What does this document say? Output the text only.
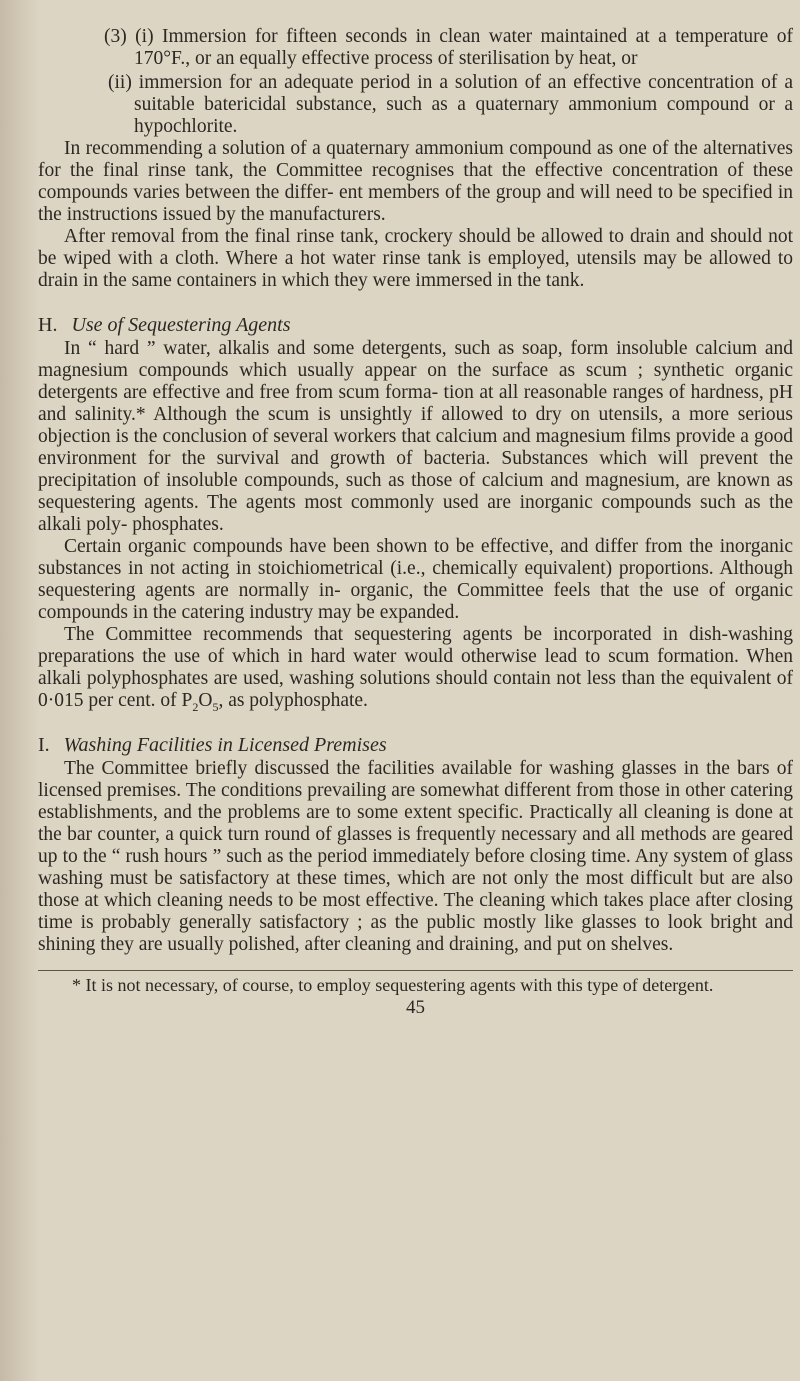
(3) (i) Immersion for fifteen seconds in clean water maintained at a temperature of 170°F., or an equally effective process of sterilisation by heat, or

(ii) immersion for an adequate period in a solution of an effective concentration of a suitable batericidal substance, such as a quaternary ammonium compound or a hypochlorite.

In recommending a solution of a quaternary ammonium compound as one of the alternatives for the final rinse tank, the Committee recognises that the effective concentration of these compounds varies between the differ- ent members of the group and will need to be specified in the instructions issued by the manufacturers.

After removal from the final rinse tank, crockery should be allowed to drain and should not be wiped with a cloth. Where a hot water rinse tank is employed, utensils may be allowed to drain in the same containers in which they were immersed in the tank.

H. Use of Sequestering Agents

In “ hard ” water, alkalis and some detergents, such as soap, form insoluble calcium and magnesium compounds which usually appear on the surface as scum ; synthetic organic detergents are effective and free from scum forma- tion at all reasonable ranges of hardness, pH and salinity.* Although the scum is unsightly if allowed to dry on utensils, a more serious objection is the conclusion of several workers that calcium and magnesium films provide a good environment for the survival and growth of bacteria. Substances which will prevent the precipitation of insoluble compounds, such as those of calcium and magnesium, are known as sequestering agents. The agents most commonly used are inorganic compounds such as the alkali poly- phosphates.

Certain organic compounds have been shown to be effective, and differ from the inorganic substances in not acting in stoichiometrical (i.e., chemically equivalent) proportions. Although sequestering agents are normally in- organic, the Committee feels that the use of organic compounds in the catering industry may be expanded.

The Committee recommends that sequestering agents be incorporated in dish-washing preparations the use of which in hard water would otherwise lead to scum formation. When alkali polyphosphates are used, washing solutions should contain not less than the equivalent of 0·015 per cent. of $P_2O_5$, as polyphosphate.

I. Washing Facilities in Licensed Premises

The Committee briefly discussed the facilities available for washing glasses in the bars of licensed premises. The conditions prevailing are somewhat different from those in other catering establishments, and the problems are to some extent specific. Practically all cleaning is done at the bar counter, a quick turn round of glasses is frequently necessary and all methods are geared up to the “ rush hours ” such as the period immediately before closing time. Any system of glass washing must be satisfactory at these times, which are not only the most difficult but are also those at which cleaning needs to be most effective. The cleaning which takes place after closing time is probably generally satisfactory ; as the public mostly like glasses to look bright and shining they are usually polished, after cleaning and draining, and put on shelves.

* It is not necessary, of course, to employ sequestering agents with this type of detergent.

45
